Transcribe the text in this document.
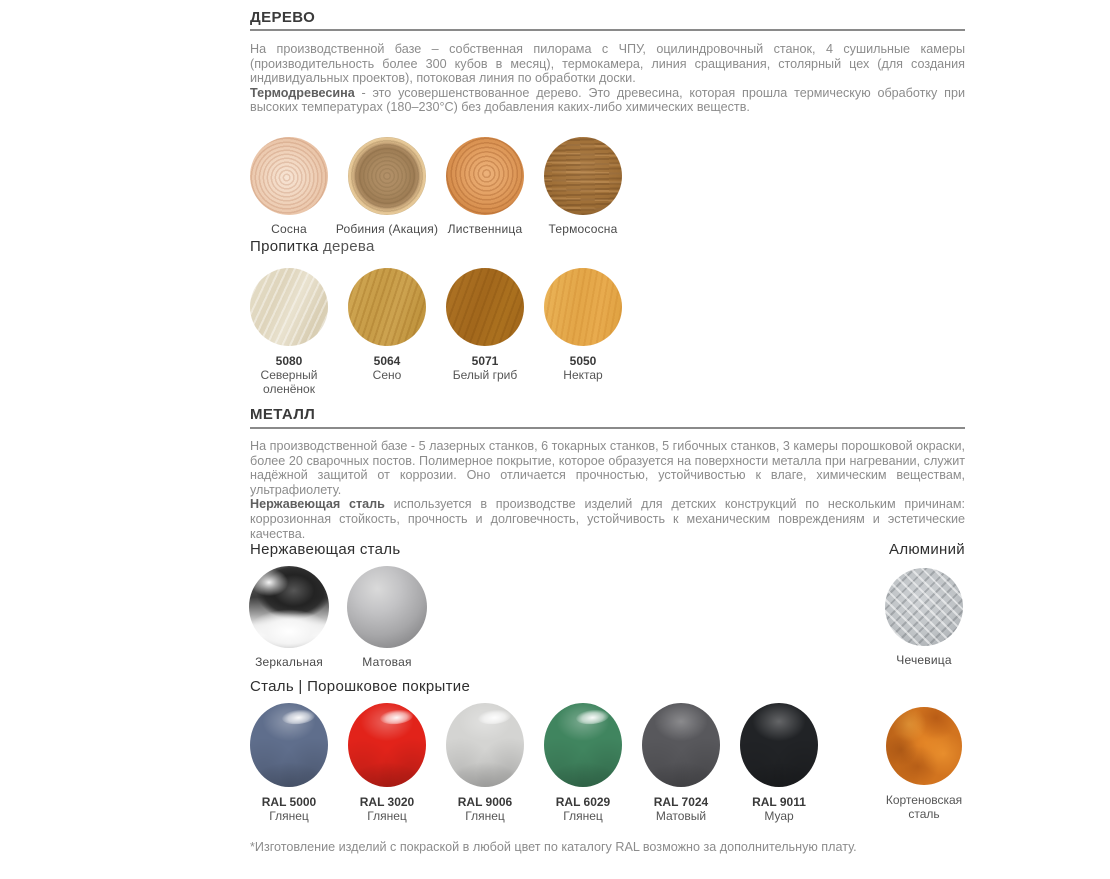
ДЕРЕВО
На производственной базе – собственная пилорама с ЧПУ, оцилиндровочный станок, 4 сушильные камеры (производительность более 300 кубов в месяц), термокамера, линия сращивания, столярный цех (для создания индивидуальных проектов), потоковая линия по обработки доски.
Термодревесина - это усовершенствованное дерево. Это древесина, которая прошла термическую обработку при высоких температурах (180–230°C) без добавления каких-либо химических веществ.
Сосна Робиния (Акация) Лиственница Термососна
Пропитка дерева
5080
Северный оленёнок
5064
Сено
5071
Белый гриб
5050
Нектар
МЕТАЛЛ
На производственной базе - 5 лазерных станков, 6 токарных станков, 5 гибочных станков, 3 камеры порошковой окраски, более 20 сварочных постов. Полимерное покрытие, которое образуется на поверхности металла при нагревании, служит надёжной защитой от коррозии. Оно отличается прочностью, устойчивостью к влаге, химическим веществам, ультрафиолету.
Нержавеющая сталь используется в производстве изделий для детских конструкций по нескольким причинам: коррозионная стойкость, прочность и долговечность, устойчивость к механическим повреждениям и эстетические качества.
Нержавеющая сталь	Алюминий
Зеркальная	Матовая	Чечевица
Сталь | Порошковое покрытие
RAL 5000
Глянец
RAL 3020
Глянец
RAL 9006
Глянец
RAL 6029
Глянец
RAL 7024
Матовый
RAL 9011
Муар
Кортеновская сталь
*Изготовление изделий с покраской в любой цвет по каталогу RAL возможно за дополнительную плату.
